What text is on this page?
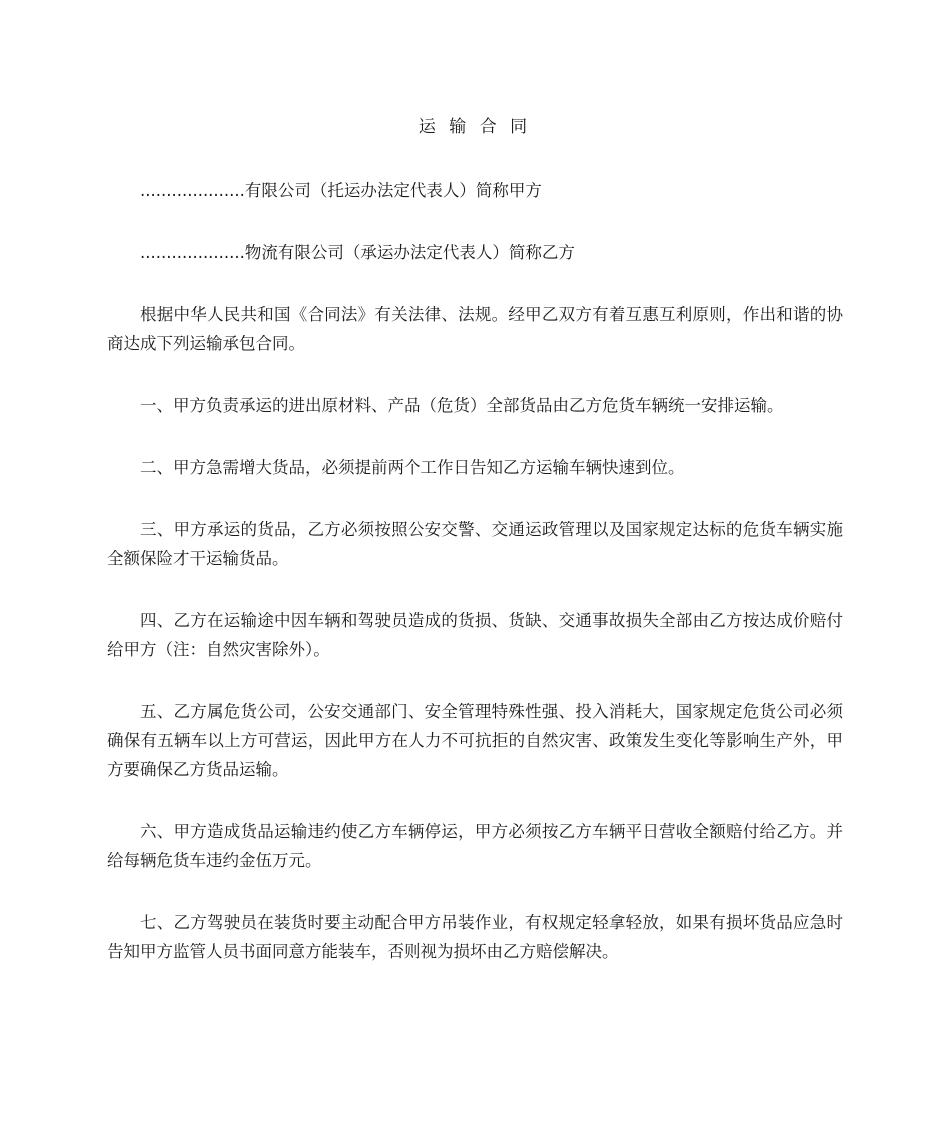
运 输 合 同

....................有限公司（托运办法定代表人）简称甲方

....................物流有限公司（承运办法定代表人）简称乙方

根据中华人民共和国《合同法》有关法律、法规。经甲乙双方有着互惠互利原则，作出和谐的协商达成下列运输承包合同。

一、甲方负责承运的进出原材料、产品（危货）全部货品由乙方危货车辆统一安排运输。

二、甲方急需增大货品，必须提前两个工作日告知乙方运输车辆快速到位。

三、甲方承运的货品，乙方必须按照公安交警、交通运政管理以及国家规定达标的危货车辆实施全额保险才干运输货品。

四、乙方在运输途中因车辆和驾驶员造成的货损、货缺、交通事故损失全部由乙方按达成价赔付给甲方（注：自然灾害除外）。

五、乙方属危货公司，公安交通部门、安全管理特殊性强、投入消耗大，国家规定危货公司必须确保有五辆车以上方可营运，因此甲方在人力不可抗拒的自然灾害、政策发生变化等影响生产外，甲方要确保乙方货品运输。

六、甲方造成货品运输违约使乙方车辆停运，甲方必须按乙方车辆平日营收全额赔付给乙方。并给每辆危货车违约金伍万元。

七、乙方驾驶员在装货时要主动配合甲方吊装作业，有权规定轻拿轻放，如果有损坏货品应急时告知甲方监管人员书面同意方能装车，否则视为损坏由乙方赔偿解决。
